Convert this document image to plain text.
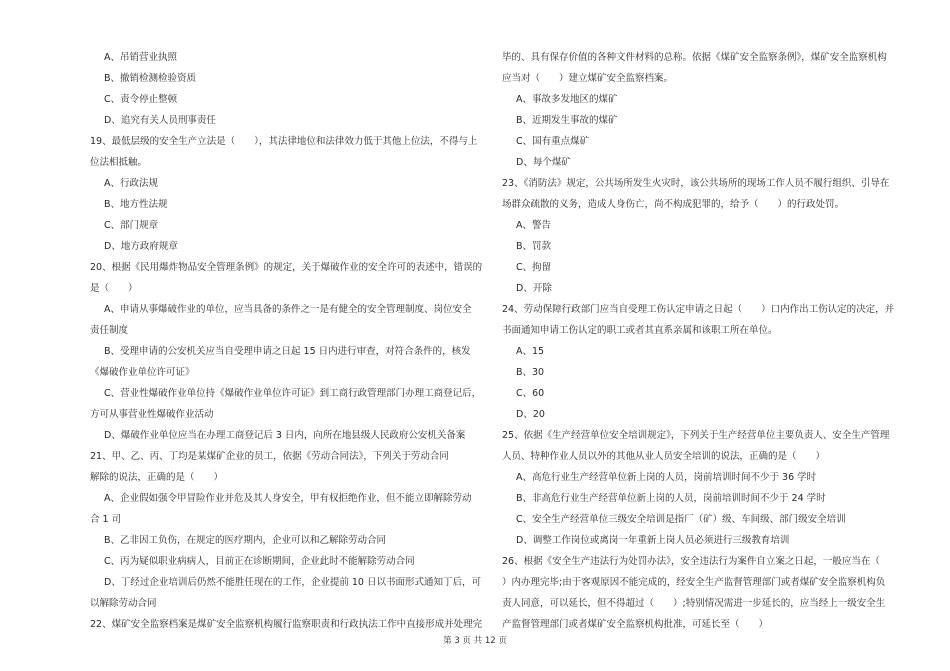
A、吊销营业执照
B、撤销检测检验资质
C、责令停止整顿
D、追究有关人员刑事责任
19、最低层级的安全生产立法是（　　），其法律地位和法律效力低于其他上位法，不得与上
位法相抵触。
A、行政法规
B、地方性法规
C、部门规章
D、地方政府规章
20、根据《民用爆炸物品安全管理条例》的规定，关于爆破作业的安全许可的表述中，错误的
是（　　）
A、申请从事爆破作业的单位，应当具备的条件之一是有健全的安全管理制度、岗位安全
责任制度
B、受理申请的公安机关应当自受理申请之日起 15 日内进行审查，对符合条件的，核发
《爆破作业单位许可证》
C、营业性爆破作业单位持《爆破作业单位许可证》到工商行政管理部门办理工商登记后，
方可从事营业性爆破作业活动
D、爆破作业单位应当在办理工商登记后 3 日内，向所在地县级人民政府公安机关备案
21、甲、乙、丙、丁均是某煤矿企业的员工，依据《劳动合同法》，下列关于劳动合同
解除的说法，正确的是（　　）
A、企业假如强令甲冒险作业并危及其人身安全，甲有权拒绝作业，但不能立即解除劳动
合 1 司
B、乙非因工负伤，在规定的医疗期内，企业可以和乙解除劳动合同
C、丙为疑似职业病病人，目前正在诊断期间，企业此时不能解除劳动合同
D、丁经过企业培训后仍然不能胜任现在的工作，企业提前 10 日以书面形式通知丁后，可
以解除劳动合同
22、煤矿安全监察档案是煤矿安全监察机构履行监察职责和行政执法工作中直接形成并处理完
毕的、具有保存价值的各种文件材料的总称。依据《煤矿安全监察条例》，煤矿安全监察机构
应当对（　　）建立煤矿安全监察档案。
A、事故多发地区的煤矿
B、近期发生事故的煤矿
C、国有重点煤矿
D、每个煤矿
23、《消防法》规定，公共场所发生火灾时，该公共场所的现场工作人员不履行组织、引导在
场群众疏散的义务，造成人身伤亡，尚不构成犯罪的，给予（　　）的行政处罚。
A、警告
B、罚款
C、拘留
D、开除
24、劳动保障行政部门应当自受理工伤认定申请之日起（　　）口内作出工伤认定的决定，并
书面通知申请工伤认定的职工或者其直系亲属和该职工所在单位。
A、15
B、30
C、60
D、20
25、依据《生产经营单位安全培训规定》，下列关于生产经营单位主要负责人、安全生产管理
人员、特种作业人员以外的其他从业人员安全培训的说法，正确的是（　　）
A、高危行业生产经营单位新上岗的人员，岗前培训时间不少于 36 学时
B、非高危行业生产经营单位新上岗的人员，岗前培训时间不少于 24 学时
C、安全生产经营单位三级安全培训是指厂（矿）级、车间级、部门级安全培训
D、调整工作岗位或离岗一年重新上岗人员必须进行三级教育培训
26、根据《安全生产违法行为处罚办法》，安全违法行为案件自立案之日起，一般应当在（
）内办理完毕;由于客观原因不能完成的，经安全生产监督管理部门或者煤矿安全监察机构负
责人同意，可以延长，但不得超过（　　）;特别情况需进一步延长的，应当经上一级安全生
产监督管理部门或者煤矿安全监察机构批准，可延长至（　　）
第 3 页 共 12 页
